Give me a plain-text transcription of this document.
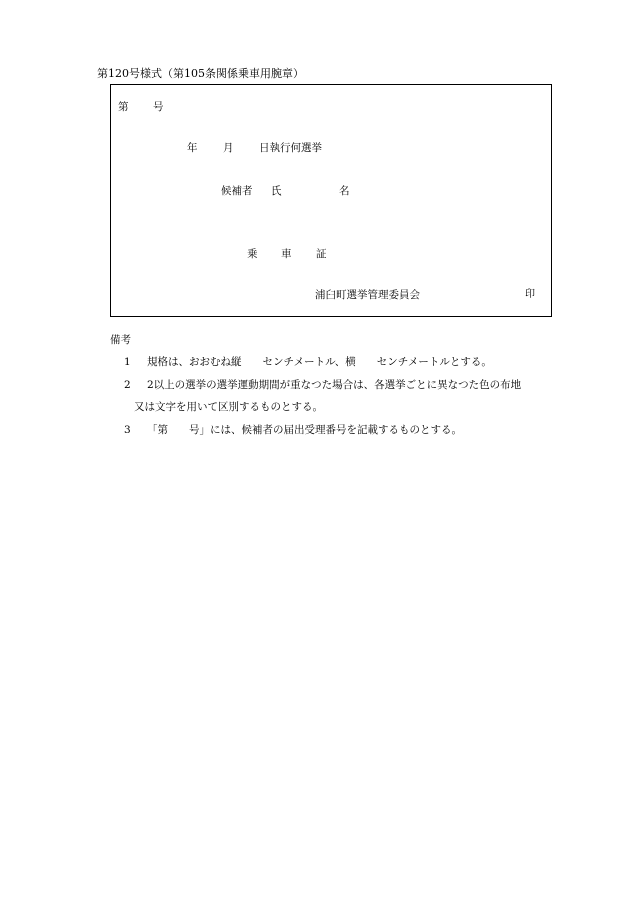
第120号様式（第105条関係乗車用腕章）
第 号
年 月 日執行何選挙
候補者 氏	名
乗 車 証
浦臼町選挙管理委員会	印
備考
1 規格は、おおむね縦　　センチメートル、横　　センチメートルとする。
2 2以上の選挙の選挙運動期間が重なつた場合は、各選挙ごとに異なつた色の布地
又は文字を用いて区別するものとする。
3 「第　　号」には、候補者の届出受理番号を記載するものとする。
